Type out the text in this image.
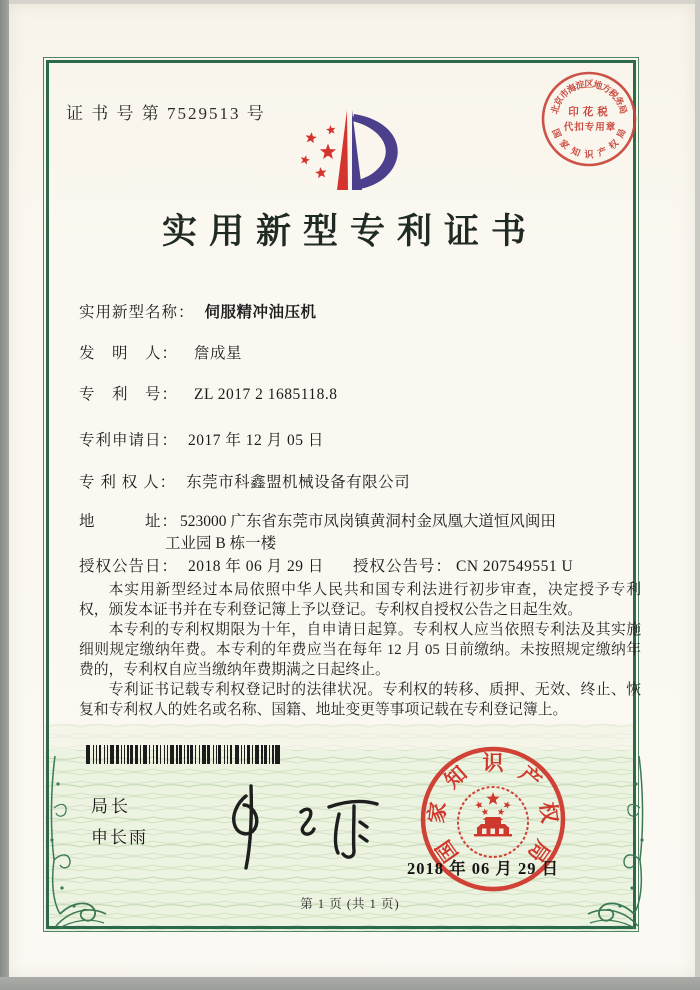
证 书 号 第 7529513 号	北
京
市
海
淀
区
地
方
税
务
局
国
家
知 识 产
权
局
印花税
代扣专用章
实用新型专利证书
实用新型名称： 伺服精冲油压机
发　明　人： 詹成星
专　利　号： ZL 2017 2 1685118.8
专利申请日： 2017 年 12 月 05 日
专 利 权 人： 东莞市科鑫盟机械设备有限公司
地　　　址： 523000 广东省东莞市凤岗镇黄洞村金凤凰大道恒风闽田
工业园 B 栋一楼
授权公告日： 2018 年 06 月 29 日 授权公告号： CN 207549551 U

本实用新型经过本局依照中华人民共和国专利法进行初步审查，决定授予专利权，颁发本证书并在专利登记簿上予以登记。专利权自授权公告之日起生效。

本专利的专利权期限为十年，自申请日起算。专利权人应当依照专利法及其实施细则规定缴纳年费。本专利的年费应当在每年 12 月 05 日前缴纳。未按照规定缴纳年费的，专利权自应当缴纳年费期满之日起终止。

专利证书记载专利权登记时的法律状况。专利权的转移、质押、无效、终止、恢复和专利权人的姓名或名称、国籍、地址变更等事项记载在专利登记簿上。

局长
申长雨	国
家
知 识 产
权
局
2018 年 06 月 29 日
第 1 页 (共 1 页)
